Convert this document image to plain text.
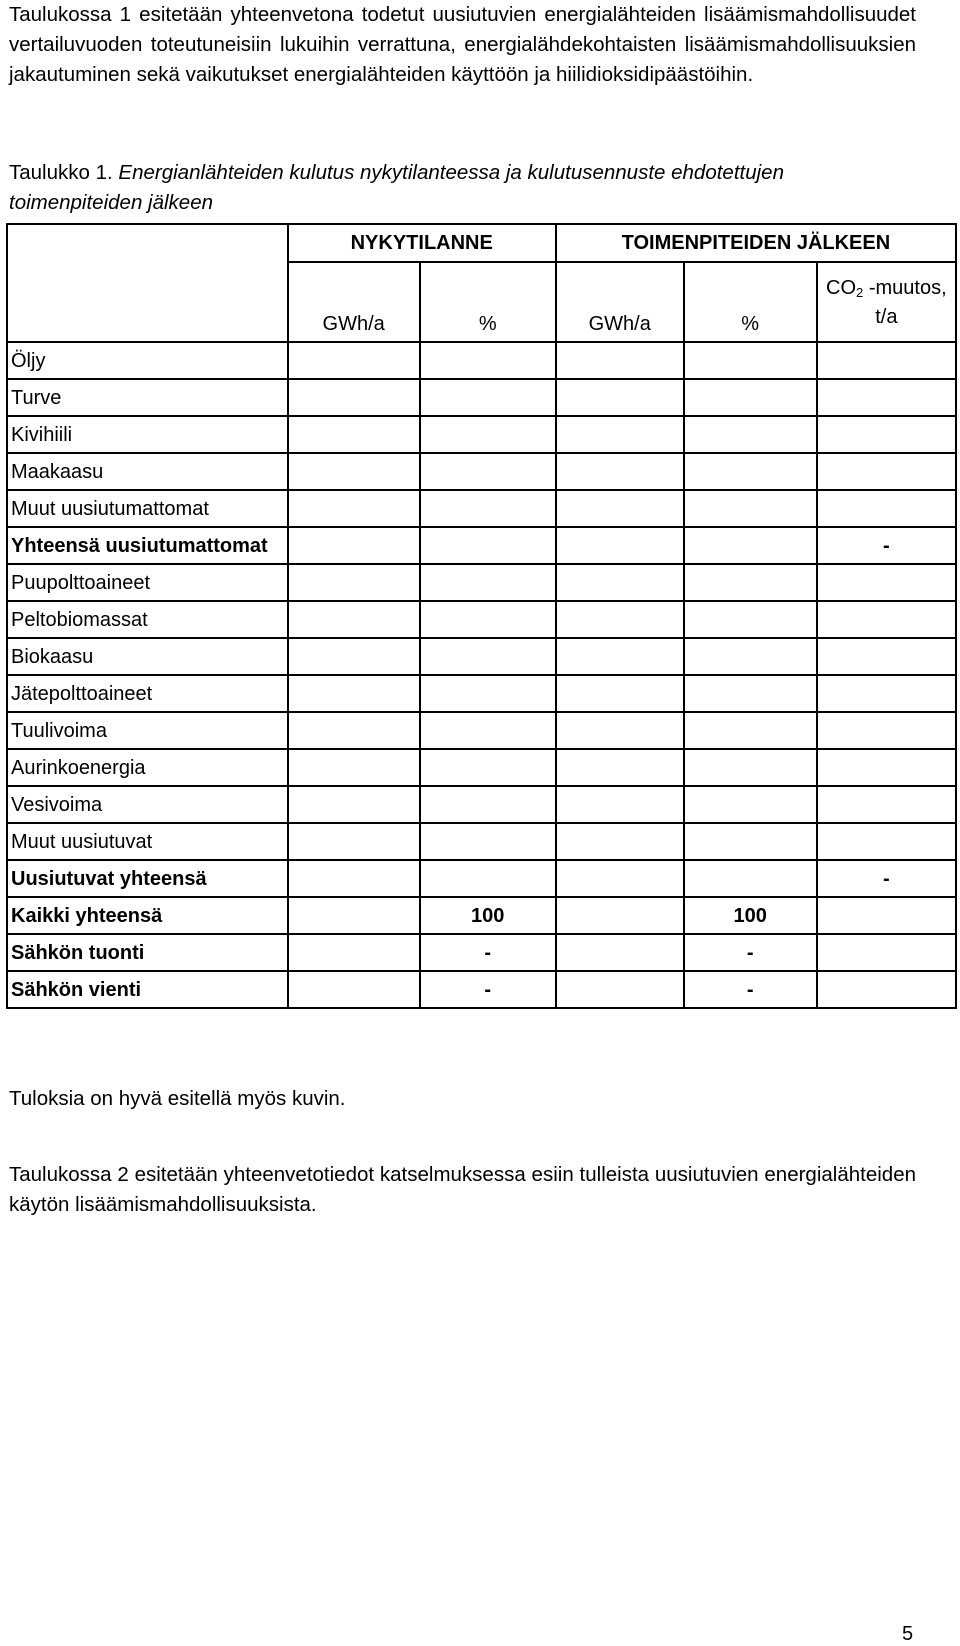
Taulukossa 1 esitetään yhteenvetona todetut uusiutuvien energialähteiden lisäämismahdollisuudet vertailuvuoden toteutuneisiin lukuihin verrattuna, energialähdekohtaisten lisäämismahdollisuuksien jakautuminen sekä vaikutukset energialähteiden käyttöön ja hiilidioksidipäästöihin.

Taulukko 1. Energianlähteiden kulutus nykytilanteessa ja kulutusennuste ehdotettujen toimenpiteiden jälkeen

	NYKYTILANNE		TOIMENPITEIDEN JÄLKEEN		
	GWh/a	%	GWh/a	%	$CO_2$ -muutos, t/a
Öljy					
Turve					
Kivihiili					
Maakaasu					
Muut uusiutumattomat					
Yhteensä uusiutumattomat					-
Puupolttoaineet					
Peltobiomassat					
Biokaasu					
Jätepolttoaineet					
Tuulivoima					
Aurinkoenergia					
Vesivoima					
Muut uusiutuvat					
Uusiutuvat yhteensä					-
Kaikki yhteensä		100		100	
Sähkön tuonti		-		-	
Sähkön vienti		-		-	

Tuloksia on hyvä esitellä myös kuvin.

Taulukossa 2 esitetään yhteenvetotiedot katselmuksessa esiin tulleista uusiutuvien energialähteiden käytön lisäämismahdollisuuksista.

5
